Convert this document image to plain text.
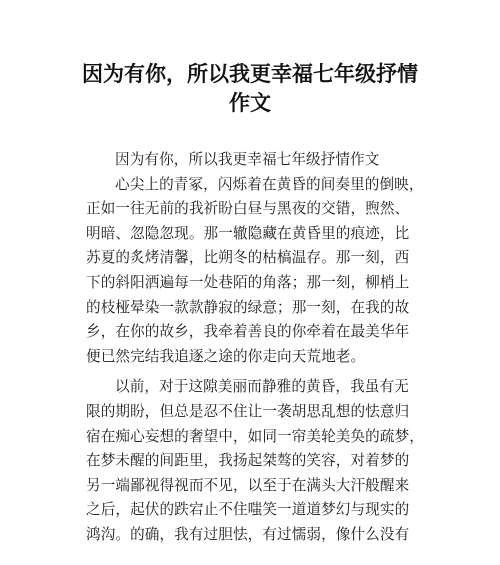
因为有你，所以我更幸福七年级抒情
作文
因为有你，所以我更幸福七年级抒情作文
心尖上的青冢，闪烁着在黄昏的间奏里的倒映，
正如一往无前的我祈盼白昼与黑夜的交错，煦然、
明暗、忽隐忽现。那一辙隐藏在黄昏里的痕迹，比
苏夏的炙烤清馨，比朔冬的枯槁温存。那一刻，西
下的斜阳洒遍每一处巷陌的角落；那一刻，柳梢上
的枝桠晕染一款款静寂的绿意；那一刻，在我的故
乡，在你的故乡，我牵着善良的你牵着在最美华年
便已然完结我追逐之途的你走向天荒地老。
以前，对于这隙美丽而静雅的黄昏，我虽有无
限的期盼，但总是忍不住让一袭胡思乱想的怯意归
宿在痴心妄想的奢望中，如同一帘美轮美奂的疏梦，
在梦未醒的间距里，我扬起桀骜的笑容，对着梦的
另一端鄙视得视而不见，以至于在满头大汗般醒来
之后，起伏的跌宕止不住嗤笑一道道梦幻与现实的
鸿沟。的确，我有过胆怯，有过懦弱，像什么没有
